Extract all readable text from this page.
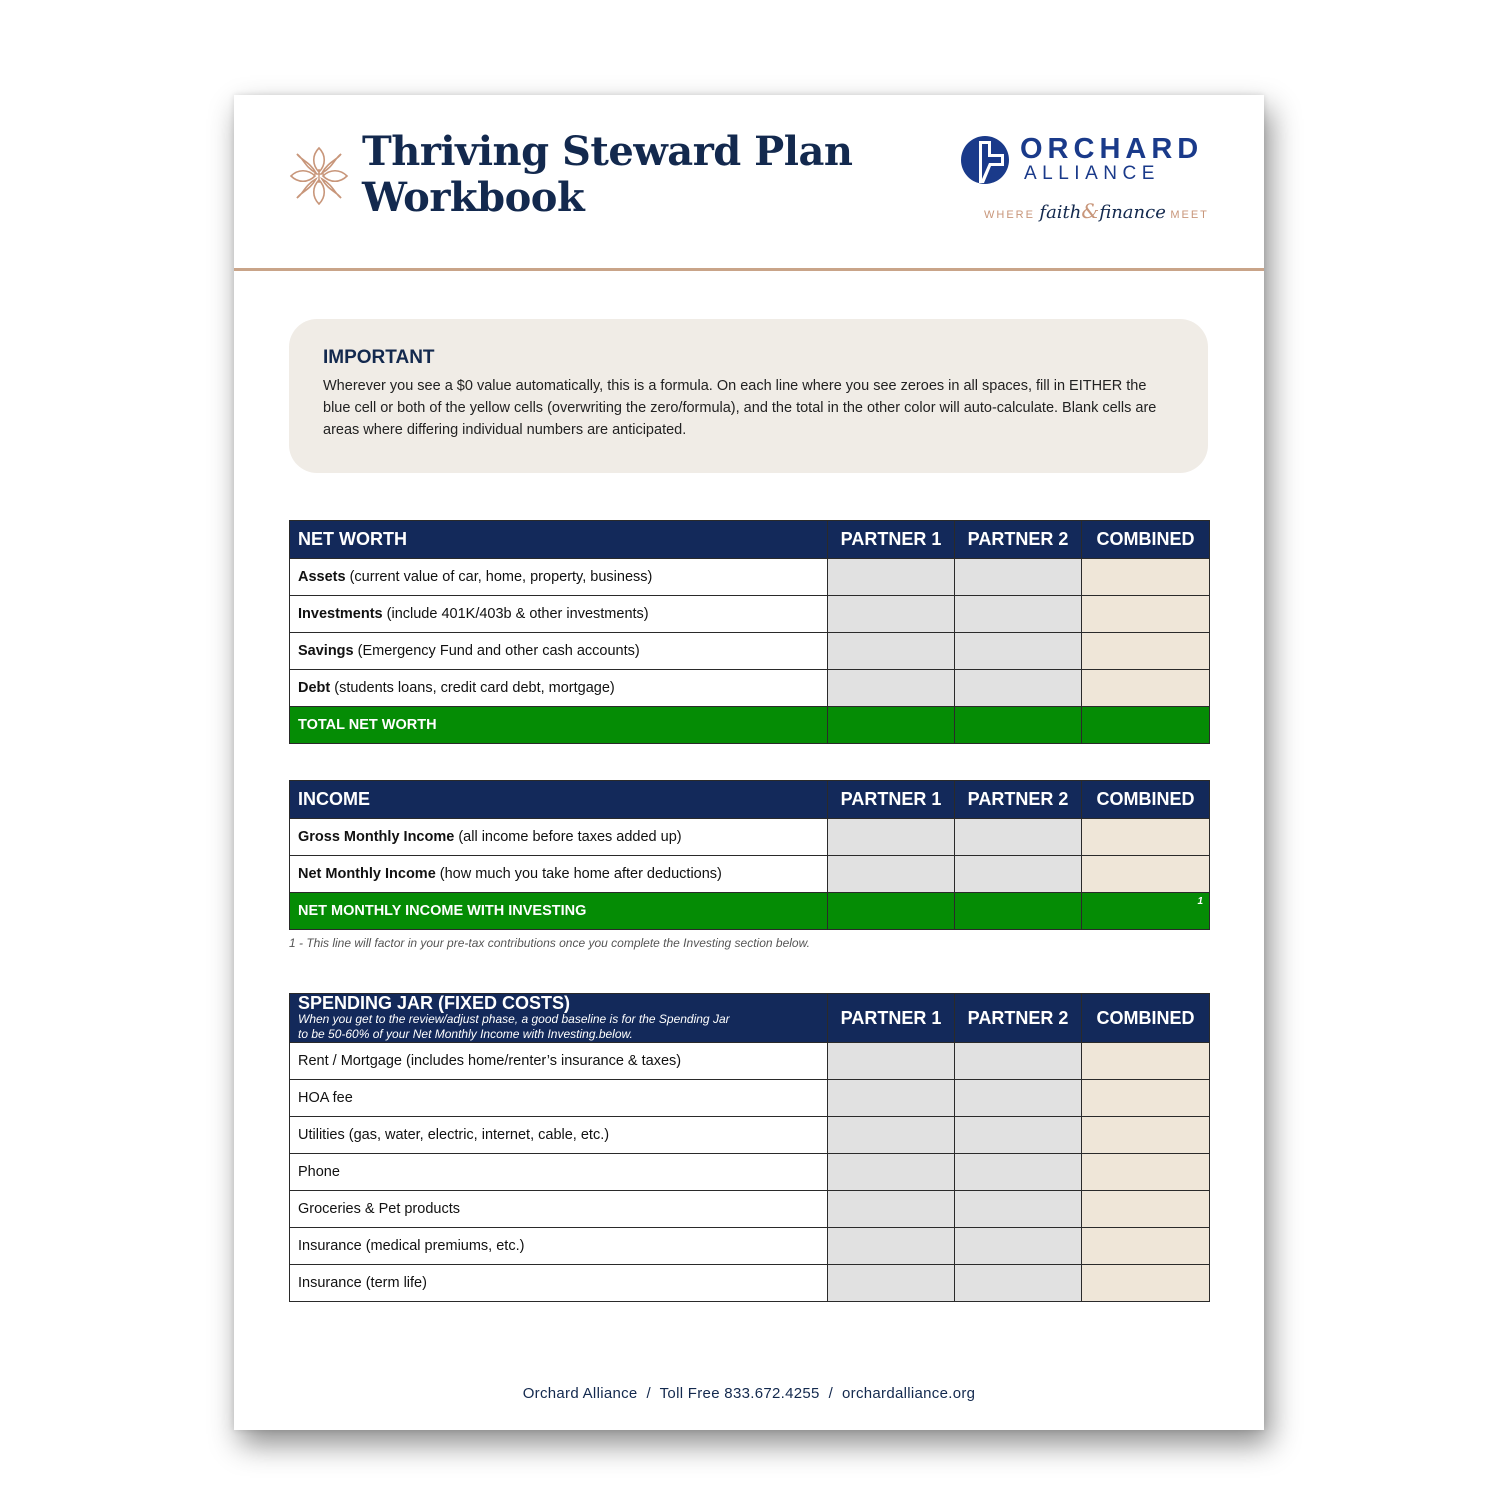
Thriving Steward Plan
Workbook
ORCHARD
ALLIANCE
WHERE faith&finance MEET
IMPORTANT
Wherever you see a $0 value automatically, this is a formula. On each line where you see zeroes in all spaces, fill in EITHER the blue cell or both of the yellow cells (overwriting the zero/formula), and the total in the other color will auto-calculate. Blank cells are areas where differing individual numbers are anticipated.
NET WORTH	PARTNER 1	PARTNER 2	COMBINED
Assets (current value of car, home, property, business)			
Investments (include 401K/403b & other investments)			
Savings (Emergency Fund and other cash accounts)			
Debt (students loans, credit card debt, mortgage)			
TOTAL NET WORTH			
INCOME	PARTNER 1	PARTNER 2	COMBINED
Gross Monthly Income (all income before taxes added up)			
Net Monthly Income (how much you take home after deductions)			
NET MONTHLY INCOME WITH INVESTING			1
1 - This line will factor in your pre-tax contributions once you complete the Investing section below.
SPENDING JAR (FIXED COSTS)
When you get to the review/adjust phase, a good baseline is for the Spending Jar
to be 50-60% of your Net Monthly Income with Investing.below.	PARTNER 1	PARTNER 2	COMBINED
Rent / Mortgage (includes home/renter’s insurance & taxes)			
HOA fee			
Utilities (gas, water, electric, internet, cable, etc.)			
Phone			
Groceries & Pet products			
Insurance (medical premiums, etc.)			
Insurance (term life)			
Orchard Alliance  /  Toll Free 833.672.4255  /  orchardalliance.org
